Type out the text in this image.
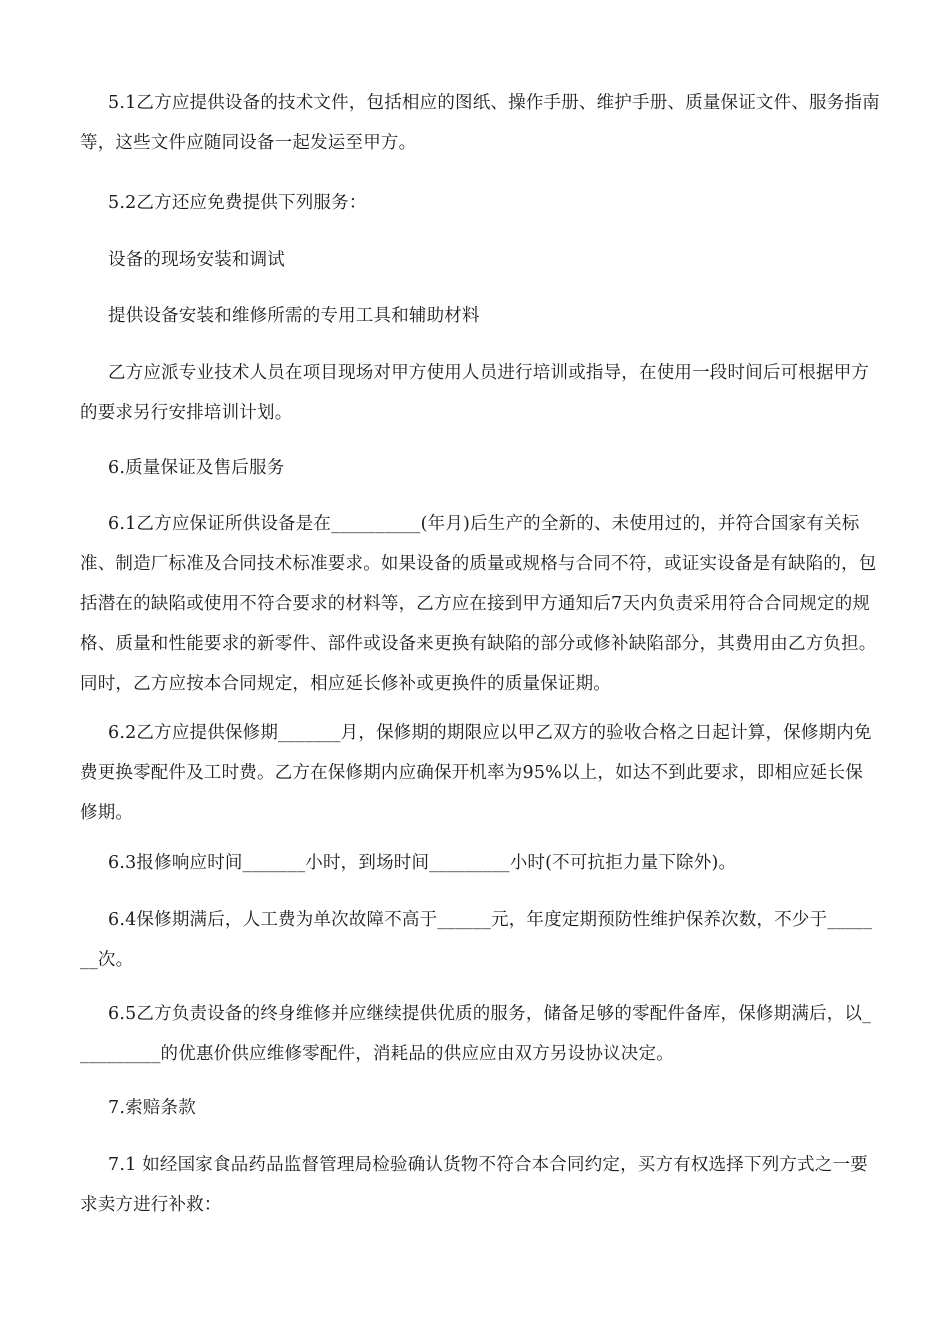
5.1乙方应提供设备的技术文件，包括相应的图纸、操作手册、维护手册、质量保证文件、服务指南等，这些文件应随同设备一起发运至甲方。

5.2乙方还应免费提供下列服务：

设备的现场安装和调试

提供设备安装和维修所需的专用工具和辅助材料

乙方应派专业技术人员在项目现场对甲方使用人员进行培训或指导，在使用一段时间后可根据甲方的要求另行安排培训计划。

6.质量保证及售后服务

6.1乙方应保证所供设备是在__________(年月)后生产的全新的、未使用过的，并符合国家有关标准、制造厂标准及合同技术标准要求。如果设备的质量或规格与合同不符，或证实设备是有缺陷的，包括潜在的缺陷或使用不符合要求的材料等，乙方应在接到甲方通知后7天内负责采用符合合同规定的规格、质量和性能要求的新零件、部件或设备来更换有缺陷的部分或修补缺陷部分，其费用由乙方负担。同时，乙方应按本合同规定，相应延长修补或更换件的质量保证期。

6.2乙方应提供保修期_______月，保修期的期限应以甲乙双方的验收合格之日起计算，保修期内免费更换零配件及工时费。乙方在保修期内应确保开机率为95%以上，如达不到此要求，即相应延长保修期。

6.3报修响应时间_______小时，到场时间_________小时(不可抗拒力量下除外)。

6.4保修期满后，人工费为单次故障不高于______元，年度定期预防性维护保养次数，不少于_______次。

6.5乙方负责设备的终身维修并应继续提供优质的服务，储备足够的零配件备库，保修期满后，以__________的优惠价供应维修零配件，消耗品的供应应由双方另设协议决定。

7.索赔条款

7.1 如经国家食品药品监督管理局检验确认货物不符合本合同约定，买方有权选择下列方式之一要求卖方进行补救：
